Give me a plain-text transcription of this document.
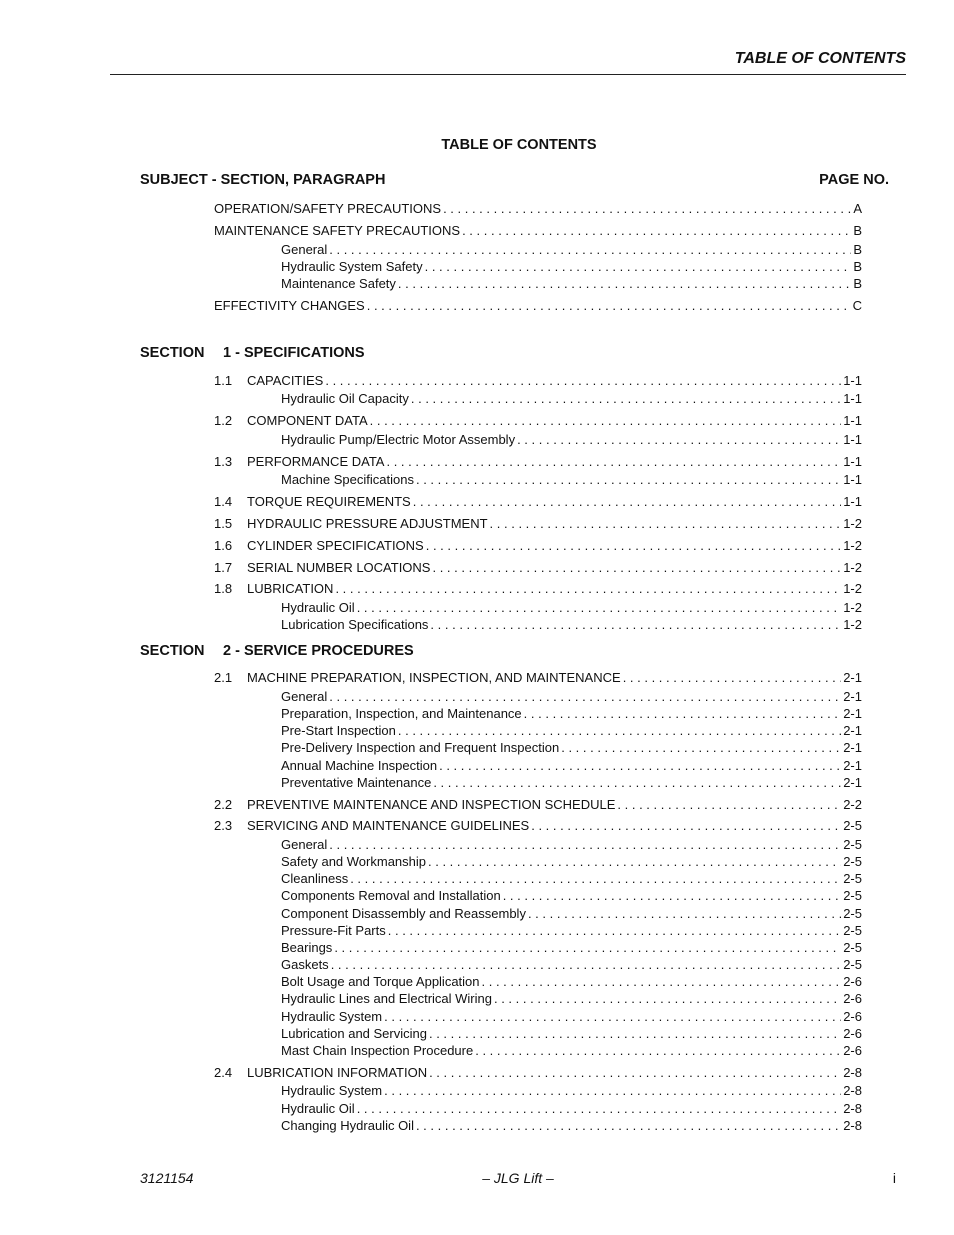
TABLE OF CONTENTS
TABLE OF CONTENTS
SUBJECT - SECTION, PARAGRAPH	PAGE NO.
OPERATION/SAFETY PRECAUTIONS . . .	A
MAINTENANCE SAFETY PRECAUTIONS . . .	B
General . . .	B
Hydraulic System Safety . . .	B
Maintenance Safety . . .	B
EFFECTIVITY CHANGES . . .	C
SECTION 1 - SPECIFICATIONS
1.1	CAPACITIES . . .	1-1
Hydraulic Oil Capacity . . .	1-1
1.2	COMPONENT DATA . . .	1-1
Hydraulic Pump/Electric Motor Assembly . . .	1-1
1.3	PERFORMANCE DATA . . .	1-1
Machine Specifications . . .	1-1
1.4	TORQUE REQUIREMENTS . . .	1-1
1.5	HYDRAULIC PRESSURE ADJUSTMENT . . .	1-2
1.6	CYLINDER SPECIFICATIONS . . .	1-2
1.7	SERIAL NUMBER LOCATIONS . . .	1-2
1.8	LUBRICATION . . .	1-2
Hydraulic Oil . . .	1-2
Lubrication Specifications . . .	1-2
SECTION 2 - SERVICE PROCEDURES
2.1	MACHINE PREPARATION, INSPECTION, AND MAINTENANCE . . .	2-1
General . . .	2-1
Preparation, Inspection, and Maintenance . . .	2-1
Pre-Start Inspection . . .	2-1
Pre-Delivery Inspection and Frequent Inspection . . .	2-1
Annual Machine Inspection . . .	2-1
Preventative Maintenance . . .	2-1
2.2	PREVENTIVE MAINTENANCE AND INSPECTION SCHEDULE . . .	2-2
2.3	SERVICING AND MAINTENANCE GUIDELINES . . .	2-5
General . . .	2-5
Safety and Workmanship . . .	2-5
Cleanliness . . .	2-5
Components Removal and Installation . . .	2-5
Component Disassembly and Reassembly . . .	2-5
Pressure-Fit Parts . . .	2-5
Bearings . . .	2-5
Gaskets . . .	2-5
Bolt Usage and Torque Application . . .	2-6
Hydraulic Lines and Electrical Wiring . . .	2-6
Hydraulic System . . .	2-6
Lubrication and Servicing . . .	2-6
Mast Chain Inspection Procedure . . .	2-6
2.4	LUBRICATION INFORMATION . . .	2-8
Hydraulic System . . .	2-8
Hydraulic Oil . . .	2-8
Changing Hydraulic Oil . . .	2-8
3121154	– JLG Lift –	i
